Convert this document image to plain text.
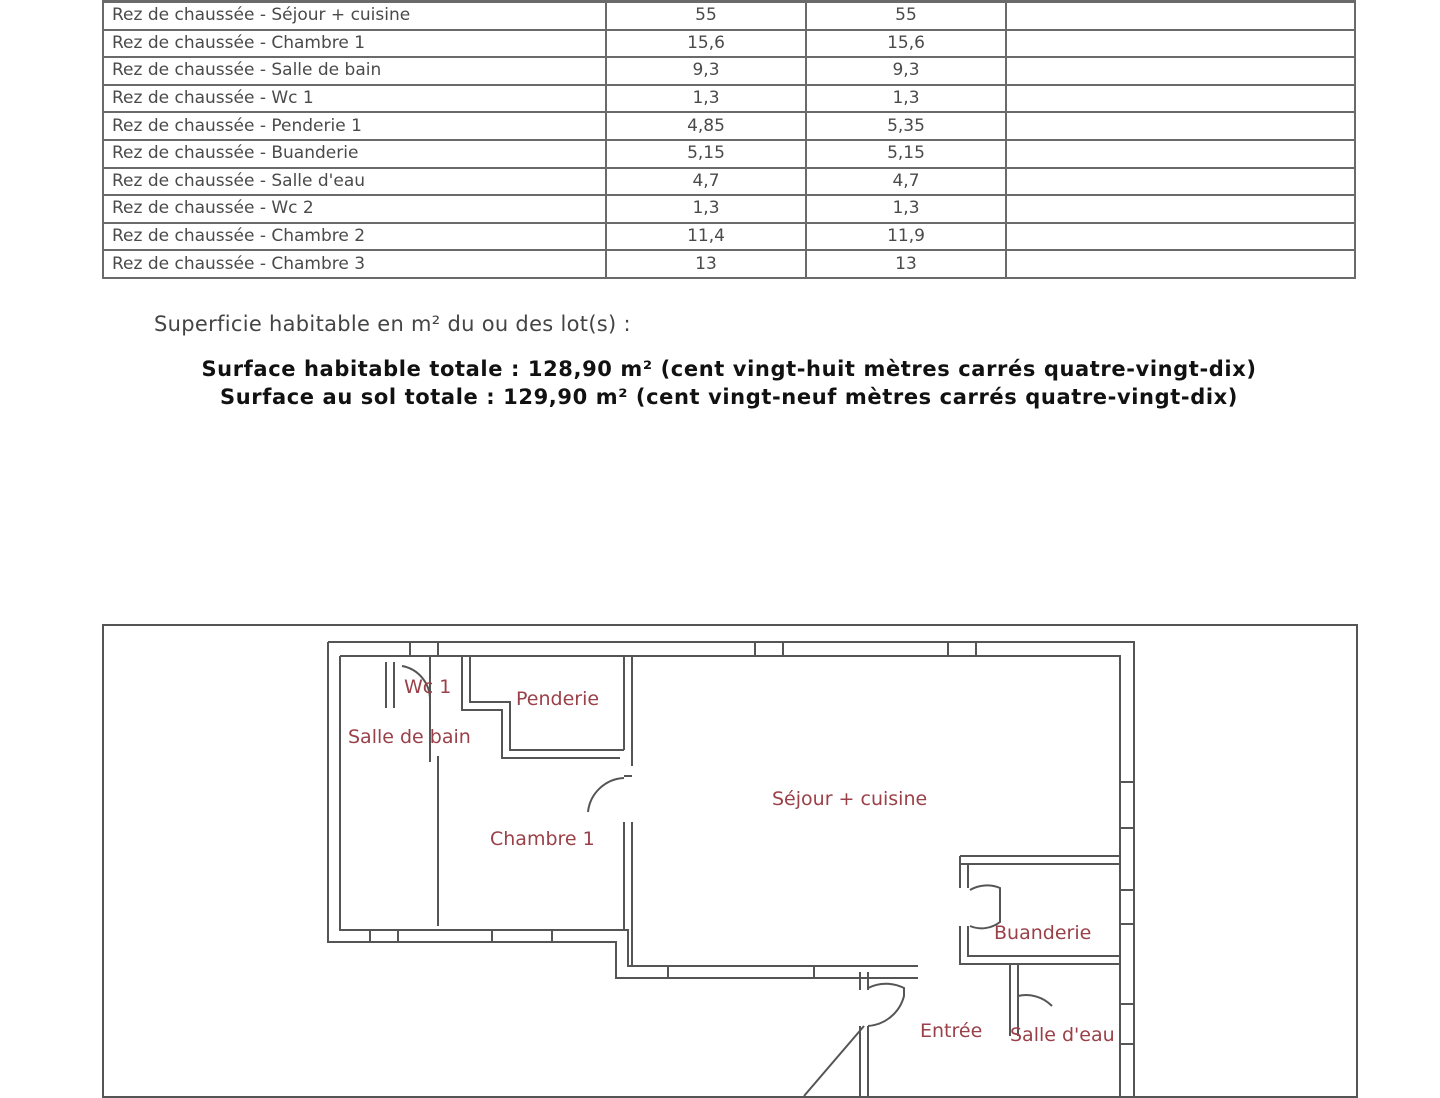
Rez de chaussée - Séjour + cuisine	55	55	
Rez de chaussée - Chambre 1	15,6	15,6	
Rez de chaussée - Salle de bain	9,3	9,3	
Rez de chaussée - Wc 1	1,3	1,3	
Rez de chaussée - Penderie 1	4,85	5,35	
Rez de chaussée - Buanderie	5,15	5,15	
Rez de chaussée - Salle d'eau	4,7	4,7	
Rez de chaussée - Wc 2	1,3	1,3	
Rez de chaussée - Chambre 2	11,4	11,9	
Rez de chaussée - Chambre 3	13	13	
Superficie habitable en m² du ou des lot(s) :
Surface habitable totale : 128,90 m² (cent vingt-huit mètres carrés quatre-vingt-dix)
Surface au sol totale : 129,90 m² (cent vingt-neuf mètres carrés quatre-vingt-dix)
Wc 1
Penderie
Salle de bain
Séjour + cuisine
Chambre 1
Buanderie
Entrée Salle d'eau
